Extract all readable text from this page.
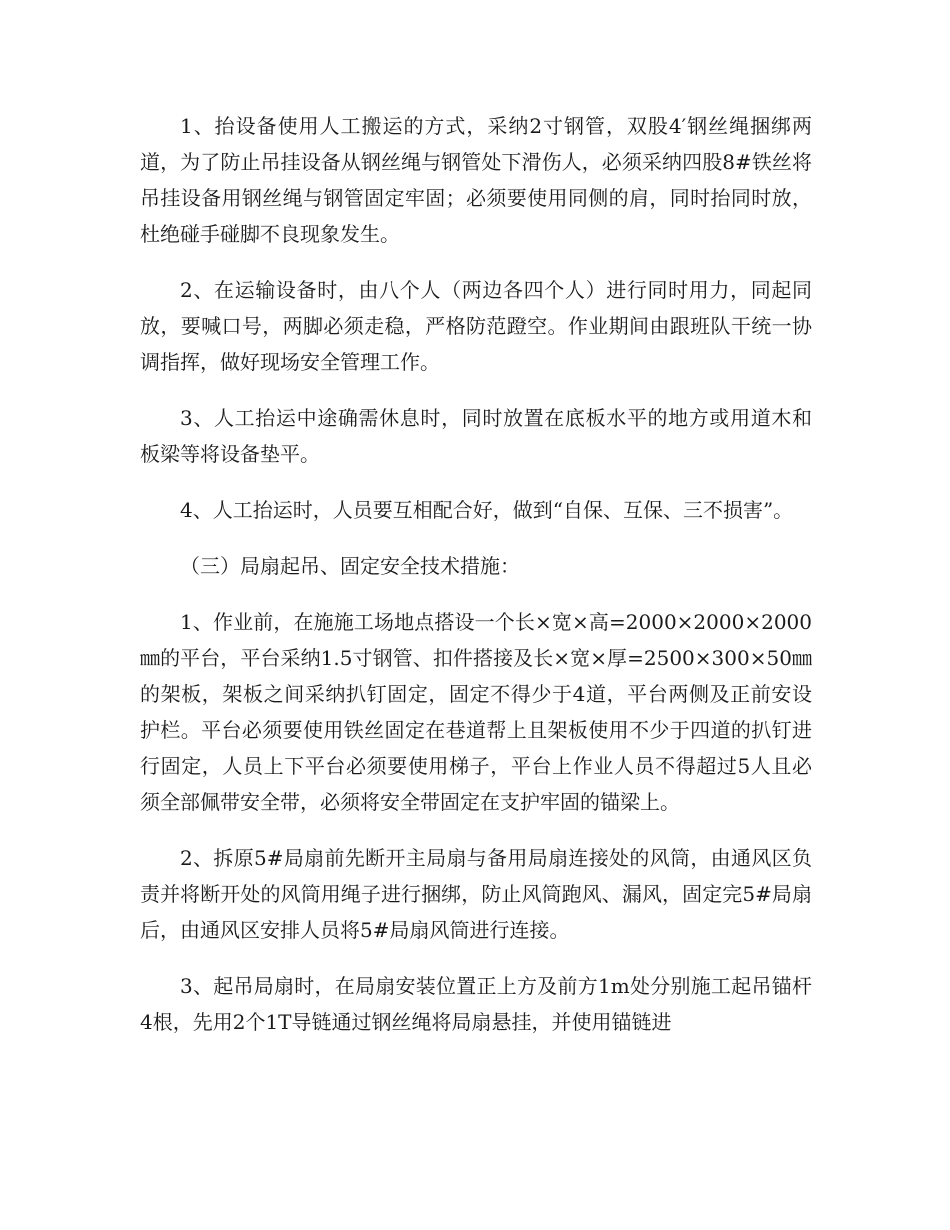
1、抬设备使用人工搬运的方式，采纳2寸钢管，双股4′钢丝绳捆绑两道，为了防止吊挂设备从钢丝绳与钢管处下滑伤人，必须采纳四股8#铁丝将吊挂设备用钢丝绳与钢管固定牢固；必须要使用同侧的肩，同时抬同时放，杜绝碰手碰脚不良现象发生。

2、在运输设备时，由八个人（两边各四个人）进行同时用力，同起同放，要喊口号，两脚必须走稳，严格防范蹬空。作业期间由跟班队干统一协调指挥，做好现场安全管理工作。

3、人工抬运中途确需休息时，同时放置在底板水平的地方或用道木和板梁等将设备垫平。

4、人工抬运时，人员要互相配合好，做到“自保、互保、三不损害”。

（三）局扇起吊、固定安全技术措施：

1、作业前，在施施工场地点搭设一个长×宽×高=2000×2000×2000㎜的平台，平台采纳1.5寸钢管、扣件搭接及长×宽×厚=2500×300×50㎜的架板，架板之间采纳扒钉固定，固定不得少于4道，平台两侧及正前安设护栏。平台必须要使用铁丝固定在巷道帮上且架板使用不少于四道的扒钉进行固定，人员上下平台必须要使用梯子，平台上作业人员不得超过5人且必须全部佩带安全带，必须将安全带固定在支护牢固的锚梁上。

2、拆原5#局扇前先断开主局扇与备用局扇连接处的风筒，由通风区负责并将断开处的风筒用绳子进行捆绑，防止风筒跑风、漏风，固定完5#局扇后，由通风区安排人员将5#局扇风筒进行连接。

3、起吊局扇时，在局扇安装位置正上方及前方1m处分别施工起吊锚杆4根，先用2个1T导链通过钢丝绳将局扇悬挂，并使用锚链进
